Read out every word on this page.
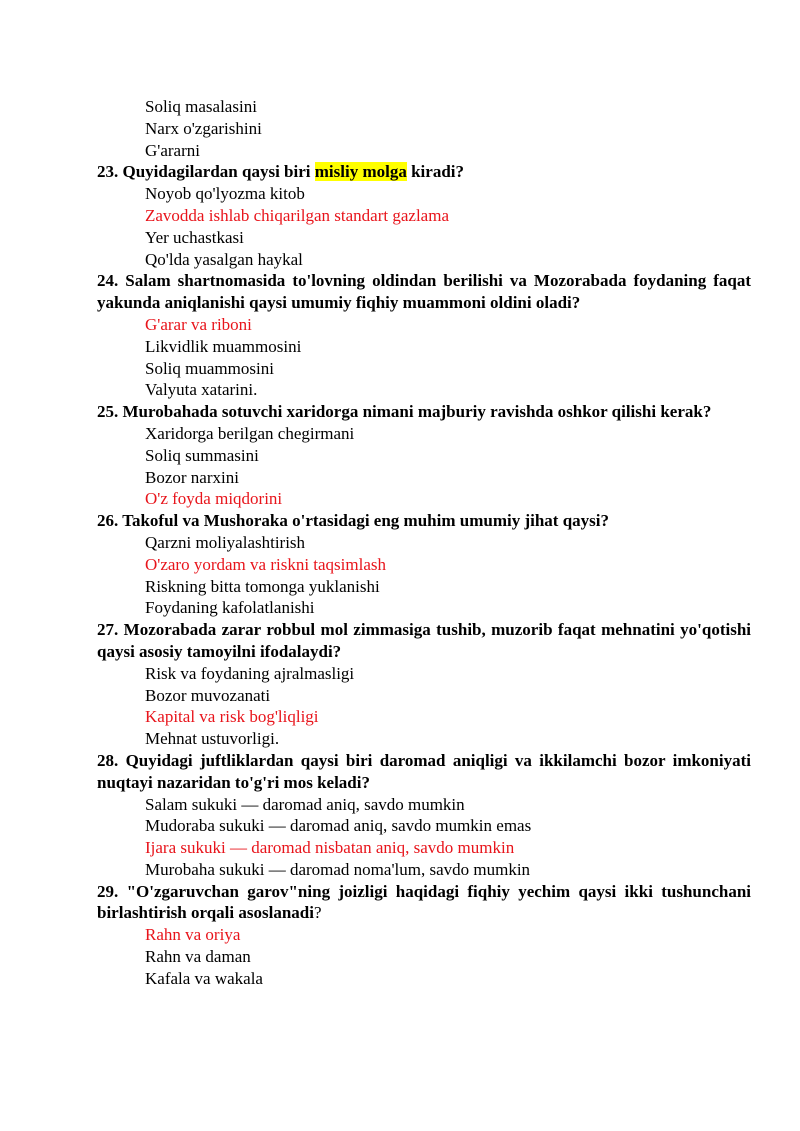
Soliq masalasini
Narx o'zgarishini
G'ararni
23. Quyidagilardan qaysi biri misliy molga kiradi?
Noyob qo'lyozma kitob
Zavodda ishlab chiqarilgan standart gazlama
Yer uchastkasi
Qo'lda yasalgan haykal
24. Salam shartnomasida to'lovning oldindan berilishi va Mozorabada foydaning faqat yakunda aniqlanishi qaysi umumiy fiqhiy muammoni oldini oladi?
G'arar va riboni
Likvidlik muammosini
Soliq muammosini
Valyuta xatarini.
25. Murobahada sotuvchi xaridorga nimani majburiy ravishda oshkor qilishi kerak?
Xaridorga berilgan chegirmani
Soliq summasini
Bozor narxini
O'z foyda miqdorini
26. Takoful va Mushoraka o'rtasidagi eng muhim umumiy jihat qaysi?
Qarzni moliyalashtirish
O'zaro yordam va riskni taqsimlash
Riskning bitta tomonga yuklanishi
Foydaning kafolatlanishi
27. Mozorabada zarar robbul mol zimmasiga tushib, muzorib faqat mehnatini yo'qotishi qaysi asosiy tamoyilni ifodalaydi?
Risk va foydaning ajralmasligi
Bozor muvozanati
Kapital va risk bog'liqligi
Mehnat ustuvorligi.
28. Quyidagi juftliklardan qaysi biri daromad aniqligi va ikkilamchi bozor imkoniyati nuqtayi nazaridan to'g'ri mos keladi?
Salam sukuki — daromad aniq, savdo mumkin
Mudoraba sukuki — daromad aniq, savdo mumkin emas
Ijara sukuki — daromad nisbatan aniq, savdo mumkin
Murobaha sukuki — daromad noma'lum, savdo mumkin
29. "O'zgaruvchan garov"ning joizligi haqidagi fiqhiy yechim qaysi ikki tushunchani birlashtirish orqali asoslanadi?
Rahn va oriya
Rahn va daman
Kafala va wakala
